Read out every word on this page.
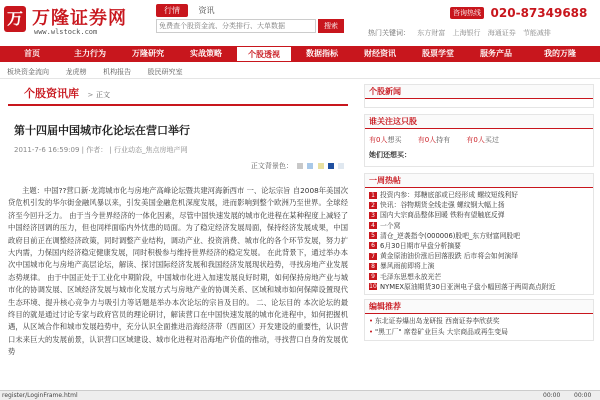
万 万隆证券网
www.wlstock.com
行情 资讯
免费查个股资金流、分类排行、大单数据
搜索
咨询热线 020-87349688
热门关键词： 东方财富 上海银行 海通证券 节能减排
首页	主力行为	万隆研究	实战策略	个股透视	数据指标	财经资讯	股票学堂	服务产品	我的万隆
板块资金流向 龙虎榜 机构报告 股民研究室
个股资讯库 > 正文
第十四届中国城市化论坛在营口举行
2011-7-6 16:59:09 | 作者： | 行业动态_焦点房地产网
正文背景色：

主题：中国??营口新·龙湾城市化与房地产高峰论坛暨共建河海新西市 一、论坛宗旨 自2008年美国次贷危机引发的华尔街金融风暴以来，引发美国金融危机深度发展，进而影响到整个欧洲乃至世界。全球经济至今回升乏力。 由于当今世界经济的一体化因素，尽管中国快速发展的城市化进程在某种程度上减轻了中国经济回调的压力，但也同样面临内外忧患的局面。为了稳定经济发展局面，保持经济发展成果，中国政府目前正在调整经济政策，同时调整产业结构，调动产业、投资消费、城市化的各个环节发展，努力扩大内需，力保国内经济稳定健康发展，同时积极参与维持世界经济的稳定发展。 在此背景下，通过举办本次中国城市化与房地产高层论坛，解读、探讨国际经济发展和我国经济发展现状趋势，寻找房地产业发展态势规律。 由于中国正处于工业化中期阶段，中国城市化进入加速发展良好时期，如何保持房地产业与城市化的协调发展、区域经济发展与城市化发展方式与房地产业的协调关系、区域和城市如何保障设置现代生态环境、提升核心竞争力与吸引力等话题是举办本次论坛的宗旨及目的。 二、论坛目的 本次论坛的最终目的就是通过讨论专家与政府官员的理论研讨，解读营口在中国快速发展的城市化进程中，如何把握机遇，从区域合作和城市发展趋势中，充分认识全面推进沿海经济带（西面区）开发建设的重要性，认识营口未来巨大的发展前景，认识营口区域建设、城市化进程对沿海地产价值的推动，寻找营口自身的发展优势

个股新闻
谁关注这只股
有0人想买 有0人持有 有0人买过
她们还想买：
一周热帖
1 投资内参：郑糖底部或已经形成 螺纹短线利好
2 快讯：谷物期货全线走强 螺纹钢大幅上扬
3 国内大宗商品整体回暖 铁粉有望触底反弹
4 一个窝
5 清仓_逆袭指令(000006)股吧_东方财富网股吧
6 6月30日期市早盘分析摘要
7 黄金原油油价涨后回落股跌 后市将会如何演绎
8 暴风雨前即将上演
9 毛泽东思想永放光芒
10 NYMEX原油期货30日亚洲电子盘小幅回落于两周高点附近
编辑推荐
• 东北证券爆出岛龙研报 西南证券李欣获奖
• "黑工厂" 席卷矿业巨头 大宗商品或再生变局
register/LoginFrame.html	00:00 00:00
